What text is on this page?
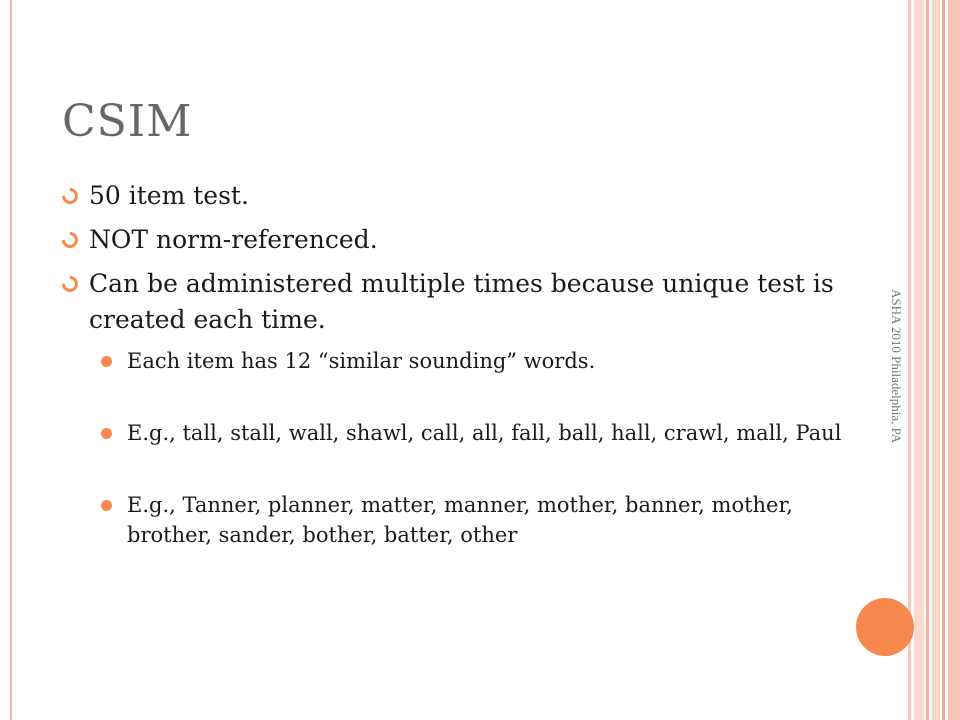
ASHA 2010 Philadelphia, PA
CSIM
50 item test.
NOT norm-referenced.
Can be administered multiple times because unique test is created each time.
Each item has 12 “similar sounding” words.
E.g., tall, stall, wall, shawl, call, all, fall, ball, hall, crawl, mall, Paul
E.g., Tanner, planner, matter, manner, mother, banner, mother, brother, sander, bother, batter, other
